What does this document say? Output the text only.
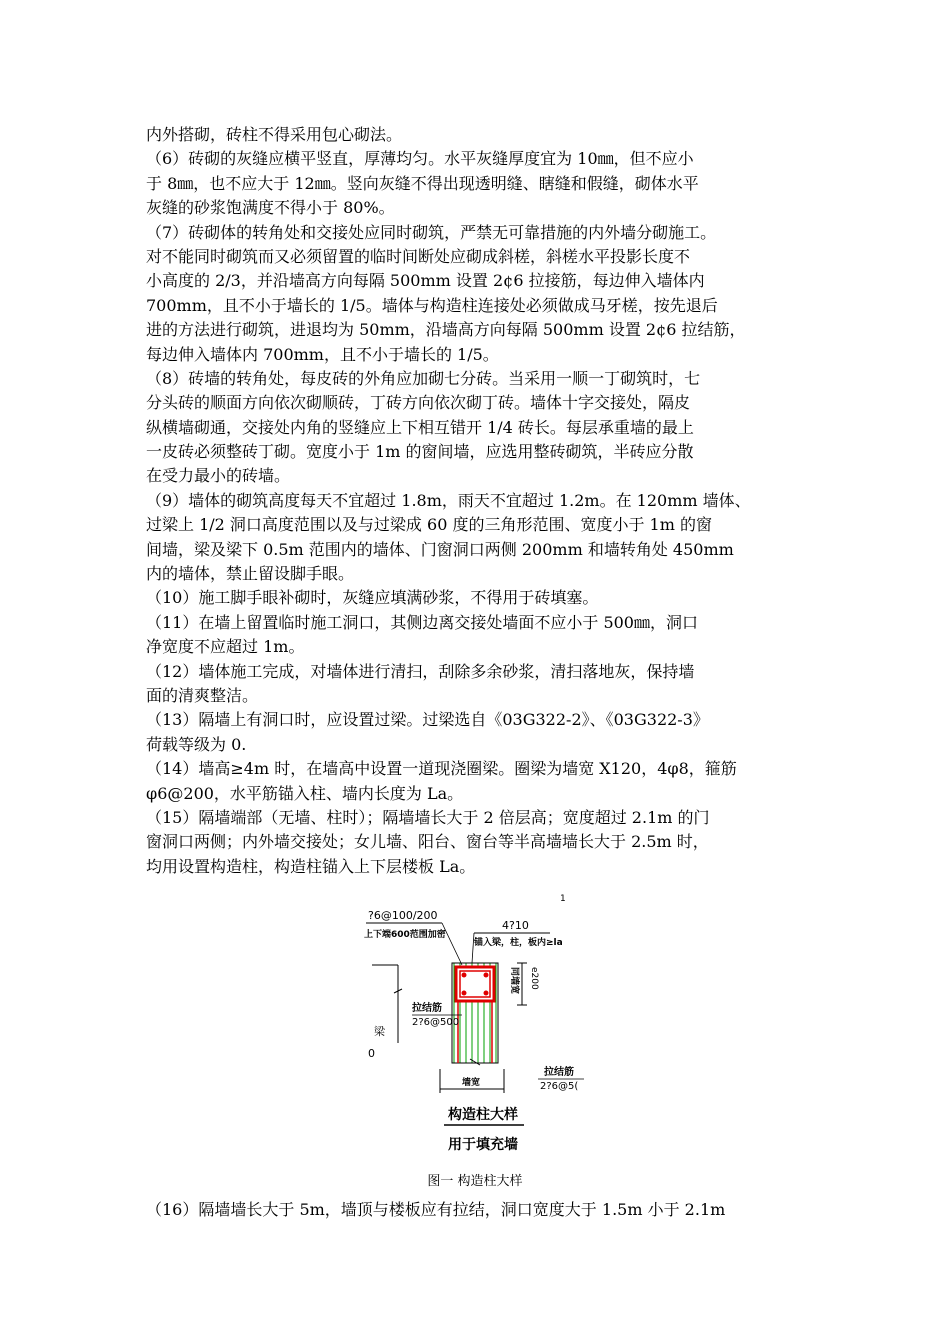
内外搭砌，砖柱不得采用包心砌法。
（6）砖砌的灰缝应横平竖直，厚薄均匀。水平灰缝厚度宜为 10㎜，但不应小
于 8㎜，也不应大于 12㎜。竖向灰缝不得出现透明缝、瞎缝和假缝，砌体水平
灰缝的砂浆饱满度不得小于 80%。
（7）砖砌体的转角处和交接处应同时砌筑，严禁无可靠措施的内外墙分砌施工。
对不能同时砌筑而又必须留置的临时间断处应砌成斜槎，斜槎水平投影长度不
小高度的 2/3，并沿墙高方向每隔 500mm 设置 2¢6 拉接筋，每边伸入墙体内
700mm，且不小于墙长的 1/5。墙体与构造柱连接处必须做成马牙槎，按先退后
进的方法进行砌筑，进退均为 50mm，沿墙高方向每隔 500mm 设置 2¢6 拉结筋，
每边伸入墙体内 700mm，且不小于墙长的 1/5。
（8）砖墙的转角处，每皮砖的外角应加砌七分砖。当采用一顺一丁砌筑时，七
分头砖的顺面方向依次砌顺砖，丁砖方向依次砌丁砖。墙体十字交接处，隔皮
纵横墙砌通，交接处内角的竖缝应上下相互错开 1/4 砖长。每层承重墙的最上
一皮砖必须整砖丁砌。宽度小于 1m 的窗间墙，应选用整砖砌筑，半砖应分散
在受力最小的砖墙。
（9）墙体的砌筑高度每天不宜超过 1.8m，雨天不宜超过 1.2m。在 120mm 墙体、
过梁上 1/2 洞口高度范围以及与过梁成 60 度的三角形范围、宽度小于 1m 的窗
间墙，梁及梁下 0.5m 范围内的墙体、门窗洞口两侧 200mm 和墙转角处 450mm
内的墙体，禁止留设脚手眼。
（10）施工脚手眼补砌时，灰缝应填满砂浆，不得用于砖填塞。
（11）在墙上留置临时施工洞口，其侧边离交接处墙面不应小于 500㎜，洞口
净宽度不应超过 1m。
（12）墙体施工完成，对墙体进行清扫，刮除多余砂浆，清扫落地灰，保持墙
面的清爽整洁。
（13）隔墙上有洞口时，应设置过梁。过梁选自《03G322-2》、《03G322-3》
荷载等级为 0.
（14）墙高≥4m 时，在墙高中设置一道现浇圈梁。圈梁为墙宽 X120，4φ8，箍筋
φ6@200，水平筋锚入柱、墙内长度为 La。
（15）隔墙端部（无墙、柱时）；隔墙墙长大于 2 倍层高；宽度超过 2.1m 的门
窗洞口两侧；内外墙交接处；女儿墙、阳台、窗台等半高墙墙长大于 2.5m 时，
均用设置构造柱，构造柱锚入上下层楼板 La。
1
?6@100/200
上下端600范围加密
4?10
锚入梁，柱，板内≥la
梁
0
同墙宽 e200
拉结筋
2?6@500
墙宽
拉结筋
2?6@5(
构造柱大样
用于填充墙
图一 构造柱大样
（16）隔墙墙长大于 5m，墙顶与楼板应有拉结，洞口宽度大于 1.5m 小于 2.1m
